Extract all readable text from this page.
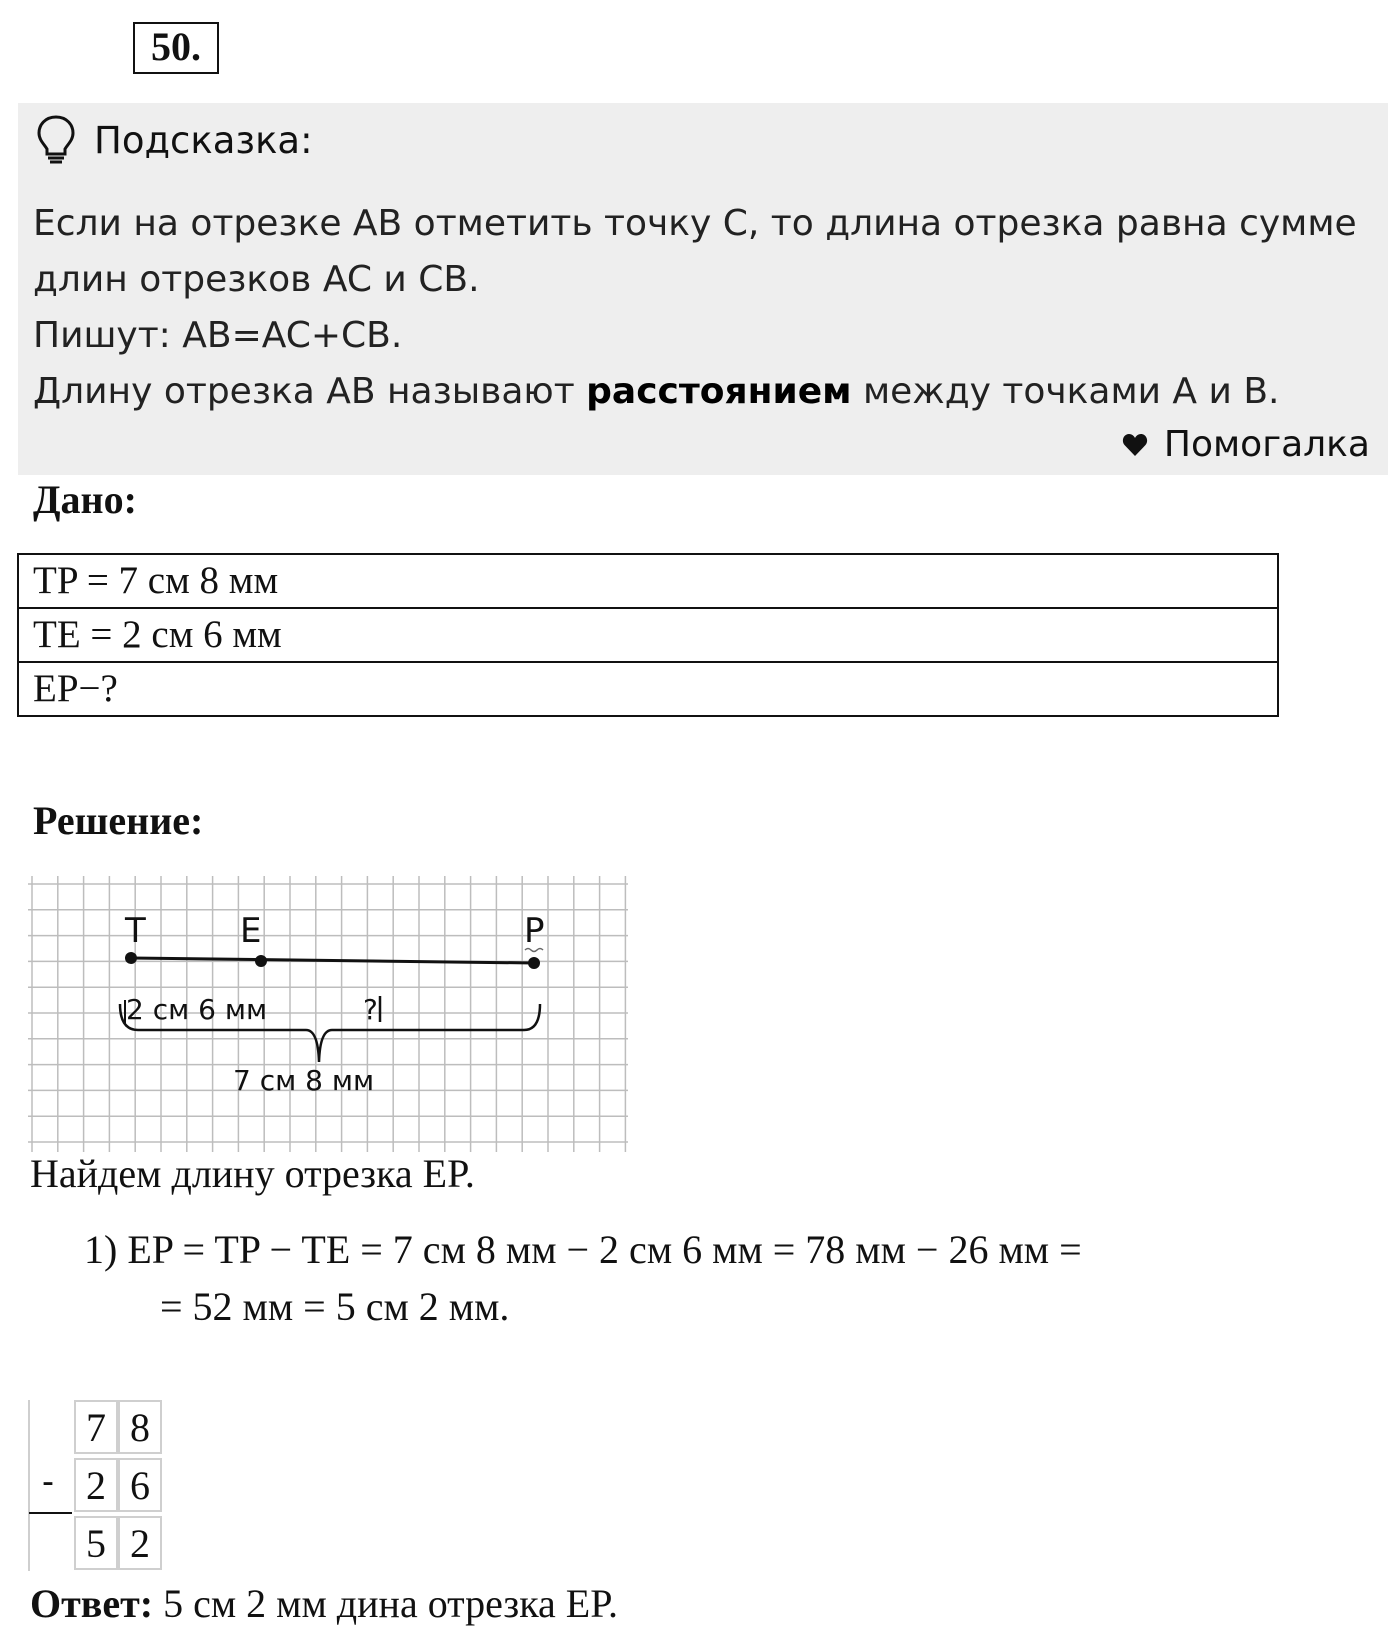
50.
Подсказка:
Если на отрезке AB отметить точку C, то длина отрезка равна сумме
длин отрезков AC и CB.
Пишут: AB=AC+CB.
Длину отрезка AB называют расстоянием между точками A и B.
Помогалка
Дано:
TP = 7 см 8 мм
TE = 2 см 6 мм
EP−?
Решение:
T	E	P
2 см 6 мм	?
7 см 8 мм
Найдем длину отрезка EP.
1) EP = TP − TE = 7 см 8 мм − 2 см 6 мм = 78 мм − 26 мм =
= 52 мм = 5 см 2 мм.
-
7 8
2 6
5 2
Ответ: 5 см 2 мм дина отрезка EP.
